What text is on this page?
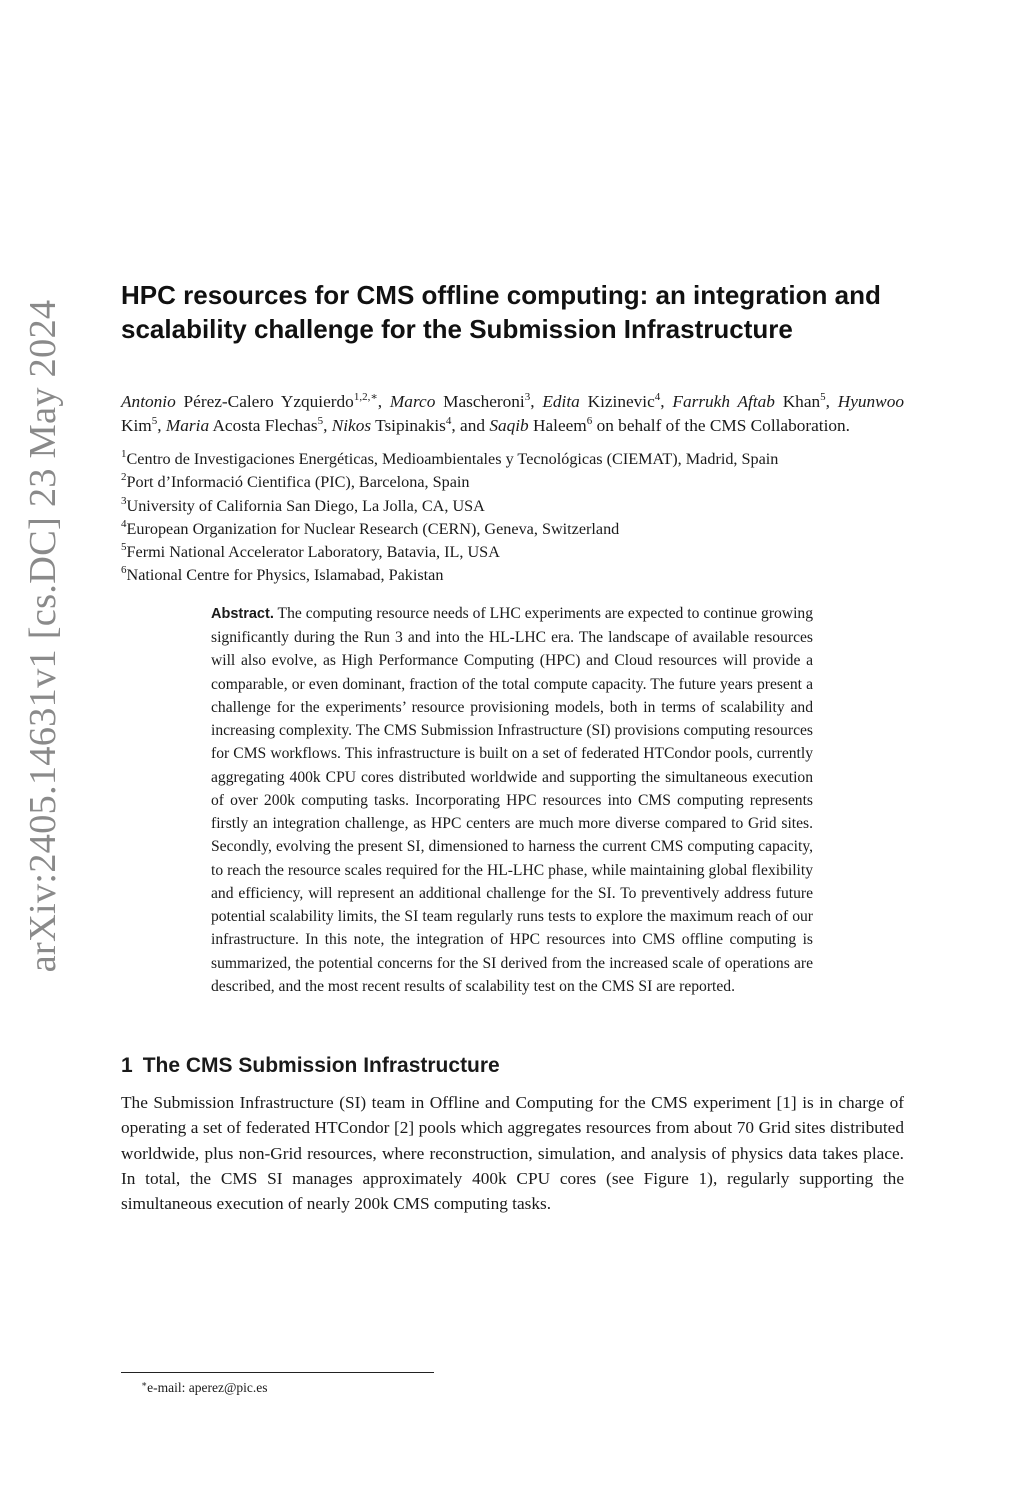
arXiv:2405.14631v1 [cs.DC] 23 May 2024
HPC resources for CMS offline computing: an integration and scalability challenge for the Submission Infrastructure
Antonio Pérez-Calero Yzquierdo$^{1,2,∗}$, Marco Mascheroni$^3$, Edita Kizinevic$^4$, Farrukh Aftab Khan$^5$, Hyunwoo Kim$^5$, Maria Acosta Flechas$^5$, Nikos Tsipinakis$^4$, and Saqib Haleem$^6$ on behalf of the CMS Collaboration.
$^1$Centro de Investigaciones Energéticas, Medioambientales y Tecnológicas (CIEMAT), Madrid, Spain
$^2$Port d’Informació Cientifica (PIC), Barcelona, Spain
$^3$University of California San Diego, La Jolla, CA, USA
$^4$European Organization for Nuclear Research (CERN), Geneva, Switzerland
$^5$Fermi National Accelerator Laboratory, Batavia, IL, USA
$^6$National Centre for Physics, Islamabad, Pakistan
Abstract. The computing resource needs of LHC experiments are expected to continue growing significantly during the Run 3 and into the HL-LHC era. The landscape of available resources will also evolve, as High Performance Computing (HPC) and Cloud resources will provide a comparable, or even dominant, fraction of the total compute capacity. The future years present a challenge for the experiments’ resource provisioning models, both in terms of scalability and increasing complexity. The CMS Submission Infrastructure (SI) provisions computing resources for CMS workflows. This infrastructure is built on a set of federated HTCondor pools, currently aggregating 400k CPU cores distributed worldwide and supporting the simultaneous execution of over 200k computing tasks. Incorporating HPC resources into CMS computing represents firstly an integration challenge, as HPC centers are much more diverse compared to Grid sites. Secondly, evolving the present SI, dimensioned to harness the current CMS computing capacity, to reach the resource scales required for the HL-LHC phase, while maintaining global flexibility and efficiency, will represent an additional challenge for the SI. To preventively address future potential scalability limits, the SI team regularly runs tests to explore the maximum reach of our infrastructure. In this note, the integration of HPC resources into CMS offline computing is summarized, the potential concerns for the SI derived from the increased scale of operations are described, and the most recent results of scalability test on the CMS SI are reported.
1 The CMS Submission Infrastructure
The Submission Infrastructure (SI) team in Offline and Computing for the CMS experiment [1] is in charge of operating a set of federated HTCondor [2] pools which aggregates resources from about 70 Grid sites distributed worldwide, plus non-Grid resources, where reconstruction, simulation, and analysis of physics data takes place. In total, the CMS SI manages approximately 400k CPU cores (see Figure 1), regularly supporting the simultaneous execution of nearly 200k CMS computing tasks.
∗e-mail: aperez@pic.es
